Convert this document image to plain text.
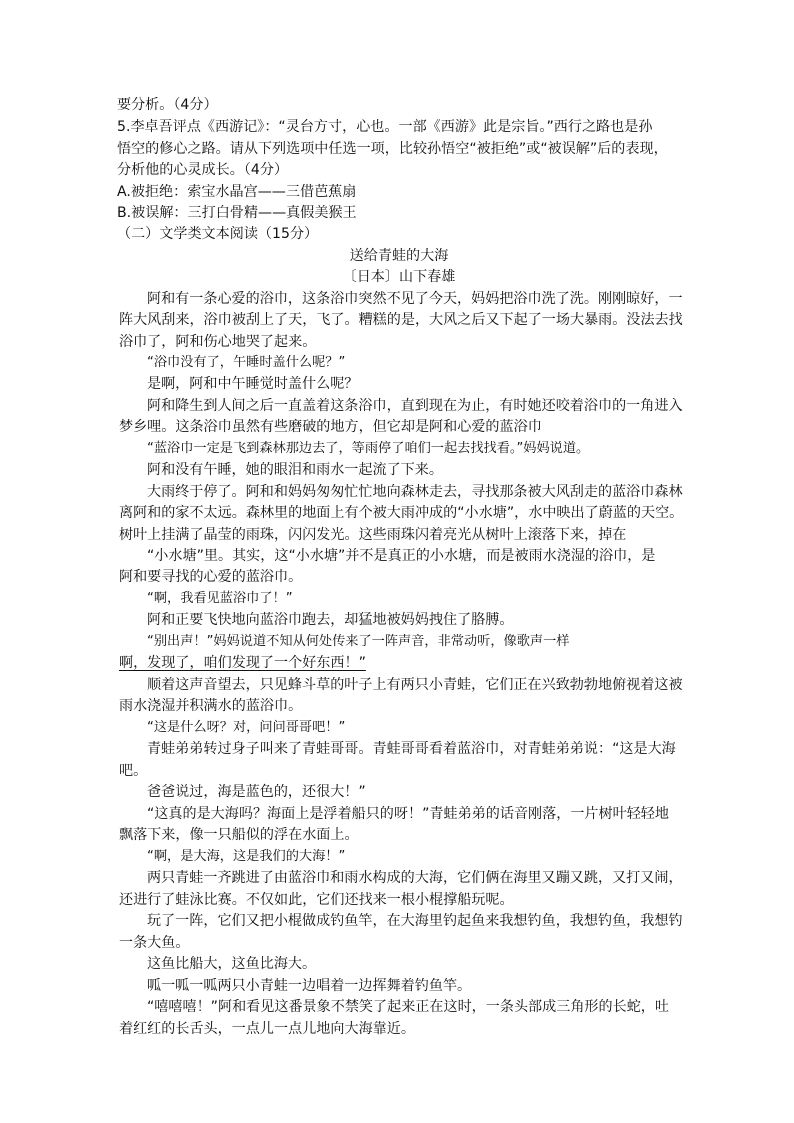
要分析。（4分）
5.李卓吾评点《西游记》：“灵台方寸，心也。一部《西游》此是宗旨。”西行之路也是孙
悟空的修心之路。请从下列选项中任选一项，比较孙悟空“被拒绝”或“被误解”后的表现，
分析他的心灵成长。（4分）
A.被拒绝：索宝水晶宫——三借芭蕉扇
B.被误解：三打白骨精——真假美猴王
（二）文学类文本阅读（15分）
送给青蛙的大海
〔日本〕山下春雄
阿和有一条心爱的浴巾，这条浴巾突然不见了今天，妈妈把浴巾洗了洗。刚刚晾好，一
阵大风刮来，浴巾被刮上了天，飞了。糟糕的是，大风之后又下起了一场大暴雨。没法去找
浴巾了，阿和伤心地哭了起来。
“浴巾没有了，午睡时盖什么呢？”
是啊，阿和中午睡觉时盖什么呢？
阿和降生到人间之后一直盖着这条浴巾，直到现在为止，有时她还咬着浴巾的一角进入
梦乡哩。这条浴巾虽然有些磨破的地方，但它却是阿和心爱的蓝浴巾
“蓝浴巾一定是飞到森林那边去了，等雨停了咱们一起去找找看。”妈妈说道。
阿和没有午睡，她的眼泪和雨水一起流了下来。
大雨终于停了。阿和和妈妈匆匆忙忙地向森林走去，寻找那条被大风刮走的蓝浴巾森林
离阿和的家不太远。森林里的地面上有个被大雨冲成的“小水塘”，水中映出了蔚蓝的天空。
树叶上挂满了晶莹的雨珠，闪闪发光。这些雨珠闪着亮光从树叶上滚落下来，掉在
“小水塘”里。其实，这“小水塘”并不是真正的小水塘，而是被雨水浇湿的浴巾，是
阿和要寻找的心爱的蓝浴巾。
“啊，我看见蓝浴巾了！”
阿和正要飞快地向蓝浴巾跑去，却猛地被妈妈拽住了胳膊。
“别出声！”妈妈说道不知从何处传来了一阵声音，非常动听，像歌声一样
啊，发现了，咱们发现了一个好东西！”
顺着这声音望去，只见蜂斗草的叶子上有两只小青蛙，它们正在兴致勃勃地俯视着这被
雨水浇湿并积满水的蓝浴巾。
“这是什么呀？对，问问哥哥吧！”
青蛙弟弟转过身子叫来了青蛙哥哥。青蛙哥哥看着蓝浴巾，对青蛙弟弟说：“这是大海
吧。
爸爸说过，海是蓝色的，还很大！”
“这真的是大海吗？海面上是浮着船只的呀！”青蛙弟弟的话音刚落，一片树叶轻轻地
飘落下来，像一只船似的浮在水面上。
“啊，是大海，这是我们的大海！”
两只青蛙一齐跳进了由蓝浴巾和雨水构成的大海，它们俩在海里又蹦又跳，又打又闹，
还进行了蛙泳比赛。不仅如此，它们还找来一根小棍撑船玩呢。
玩了一阵，它们又把小棍做成钓鱼竿，在大海里钓起鱼来我想钓鱼，我想钓鱼，我想钓
一条大鱼。
这鱼比船大，这鱼比海大。
呱一呱一呱两只小青蛙一边唱着一边挥舞着钓鱼竿。
“嘻嘻嘻！”阿和看见这番景象不禁笑了起来正在这时，一条头部成三角形的长蛇，吐
着红红的长舌头，一点儿一点儿地向大海靠近。
